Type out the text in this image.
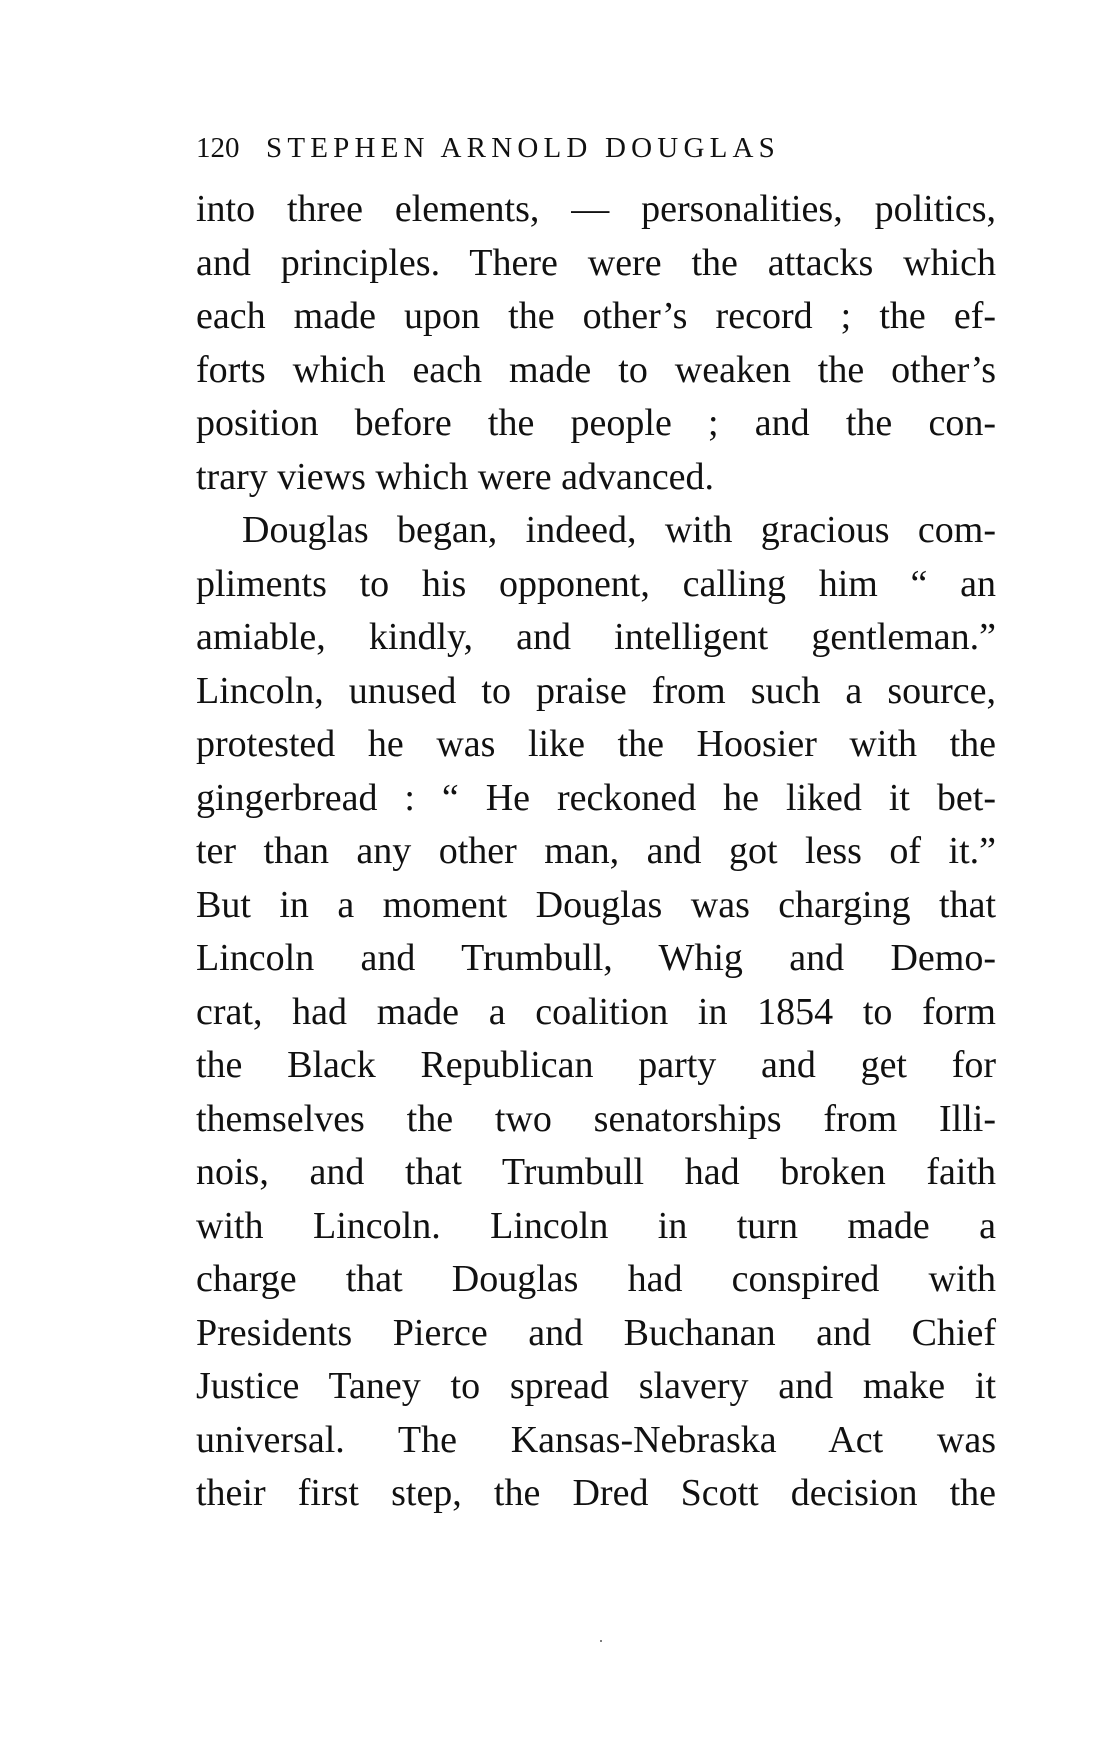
120 STEPHEN ARNOLD DOUGLAS
into three elements, — personalities, politics,
and principles. There were the attacks which
each made upon the other’s record ; the ef-
forts which each made to weaken the other’s
position before the people ; and the con-
trary views which were advanced.
Douglas began, indeed, with gracious com-
pliments to his opponent, calling him “ an
amiable, kindly, and intelligent gentleman.”
Lincoln, unused to praise from such a source,
protested he was like the Hoosier with the
gingerbread : “ He reckoned he liked it bet-
ter than any other man, and got less of it.”
But in a moment Douglas was charging that
Lincoln and Trumbull, Whig and Demo-
crat, had made a coalition in 1854 to form
the Black Republican party and get for
themselves the two senatorships from Illi-
nois, and that Trumbull had broken faith
with Lincoln. Lincoln in turn made a
charge that Douglas had conspired with
Presidents Pierce and Buchanan and Chief
Justice Taney to spread slavery and make it
universal. The Kansas-Nebraska Act was
their first step, the Dred Scott decision the
